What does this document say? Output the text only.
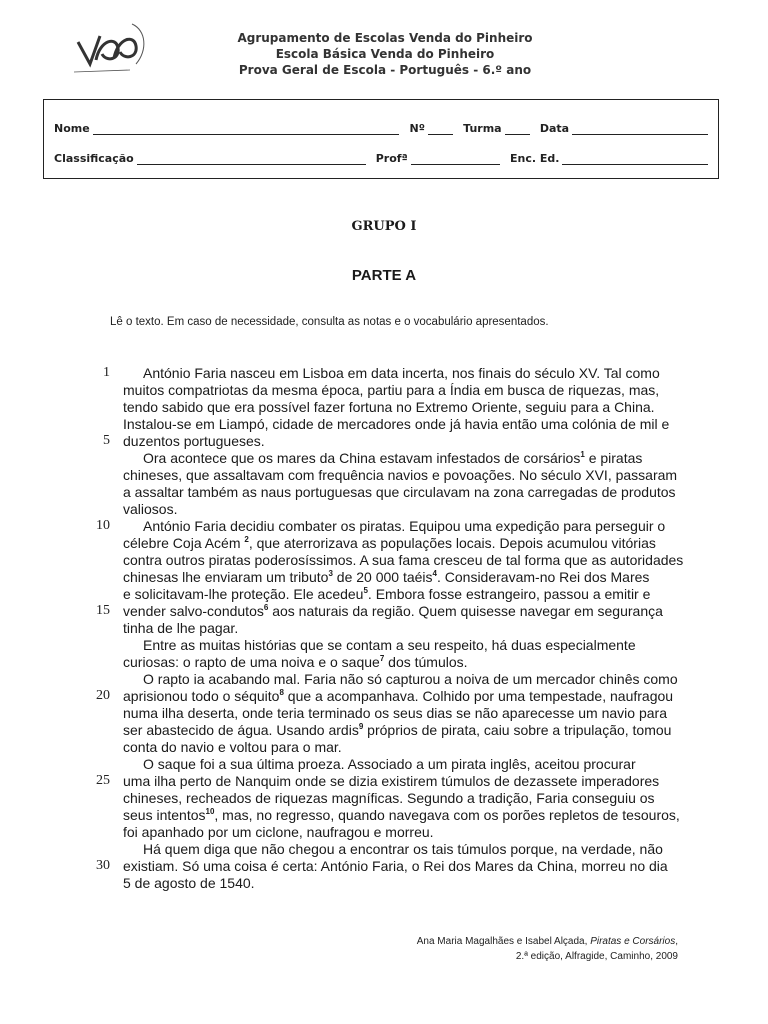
Agrupamento de Escolas Venda do Pinheiro
Escola Básica Venda do Pinheiro
Prova Geral de Escola - Português - 6.º ano
Nome	Nº	Turma	Data
Classificação	Profª	Enc. Ed.
GRUPO I
PARTE A
Lê o texto. Em caso de necessidade, consulta as notas e o vocabulário apresentados.
1
5
10
15
20
25
30
António Faria nasceu em Lisboa em data incerta, nos finais do século XV. Tal como
muitos compatriotas da mesma época, partiu para a Índia em busca de riquezas, mas,
tendo sabido que era possível fazer fortuna no Extremo Oriente, seguiu para a China.
Instalou-se em Liampó, cidade de mercadores onde já havia então uma colónia de mil e
duzentos portugueses.
Ora acontece que os mares da China estavam infestados de corsários$^1$ e piratas
chineses, que assaltavam com frequência navios e povoações. No século XVI, passaram
a assaltar também as naus portuguesas que circulavam na zona carregadas de produtos
valiosos.
António Faria decidiu combater os piratas. Equipou uma expedição para perseguir o
célebre Coja Acém $^2$, que aterrorizava as populações locais. Depois acumulou vitórias
contra outros piratas poderosíssimos. A sua fama cresceu de tal forma que as autoridades
chinesas lhe enviaram um tributo$^3$ de 20 000 taéis$^4$. Consideravam-no Rei dos Mares
e solicitavam-lhe proteção. Ele acedeu$^5$. Embora fosse estrangeiro, passou a emitir e
vender salvo-condutos$^6$ aos naturais da região. Quem quisesse navegar em segurança
tinha de lhe pagar.
Entre as muitas histórias que se contam a seu respeito, há duas especialmente
curiosas: o rapto de uma noiva e o saque$^7$ dos túmulos.
O rapto ia acabando mal. Faria não só capturou a noiva de um mercador chinês como
aprisionou todo o séquito$^8$ que a acompanhava. Colhido por uma tempestade, naufragou
numa ilha deserta, onde teria terminado os seus dias se não aparecesse um navio para
ser abastecido de água. Usando ardis$^9$ próprios de pirata, caiu sobre a tripulação, tomou
conta do navio e voltou para o mar.
O saque foi a sua última proeza. Associado a um pirata inglês, aceitou procurar
uma ilha perto de Nanquim onde se dizia existirem túmulos de dezassete imperadores
chineses, recheados de riquezas magníficas. Segundo a tradição, Faria conseguiu os
seus intentos$^{10}$, mas, no regresso, quando navegava com os porões repletos de tesouros,
foi apanhado por um ciclone, naufragou e morreu.
Há quem diga que não chegou a encontrar os tais túmulos porque, na verdade, não
existiam. Só uma coisa é certa: António Faria, o Rei dos Mares da China, morreu no dia
5 de agosto de 1540.
Ana Maria Magalhães e Isabel Alçada, Piratas e Corsários,
2.ª edição, Alfragide, Caminho, 2009
